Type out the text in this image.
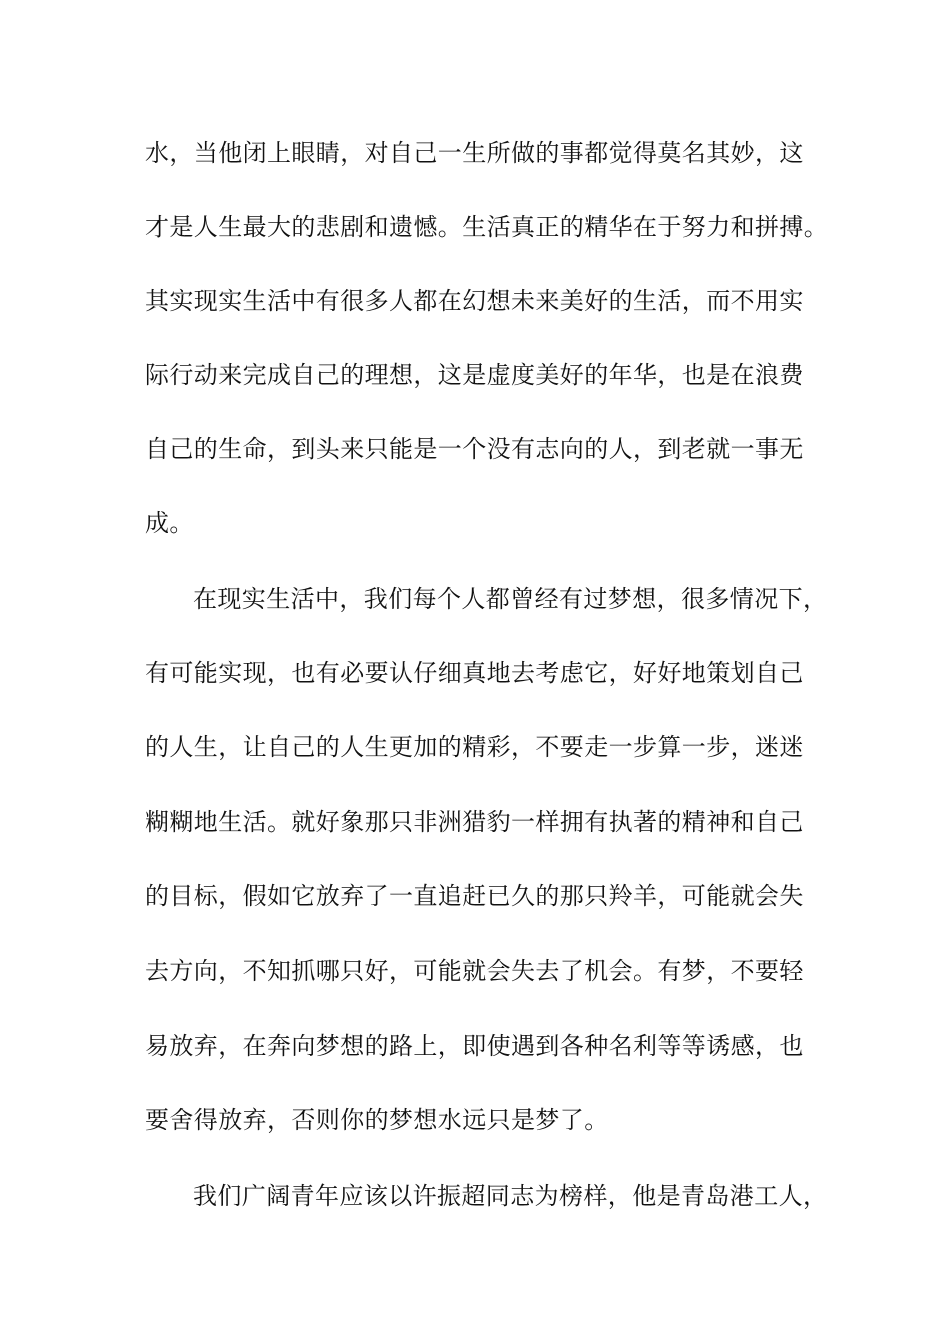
水，当他闭上眼睛，对自己一生所做的事都觉得莫名其妙，这
才是人生最大的悲剧和遗憾。生活真正的精华在于努力和拼搏。
其实现实生活中有很多人都在幻想未来美好的生活，而不用实
际行动来完成自己的理想，这是虚度美好的年华，也是在浪费
自己的生命，到头来只能是一个没有志向的人，到老就一事无
成。
在现实生活中，我们每个人都曾经有过梦想，很多情况下，
有可能实现，也有必要认仔细真地去考虑它，好好地策划自己
的人生，让自己的人生更加的精彩，不要走一步算一步，迷迷
糊糊地生活。就好象那只非洲猎豹一样拥有执著的精神和自己
的目标，假如它放弃了一直追赶已久的那只羚羊，可能就会失
去方向，不知抓哪只好，可能就会失去了机会。有梦，不要轻
易放弃，在奔向梦想的路上，即使遇到各种名利等等诱感，也
要舍得放弃，否则你的梦想水远只是梦了。
我们广阔青年应该以许振超同志为榜样，他是青岛港工人，
